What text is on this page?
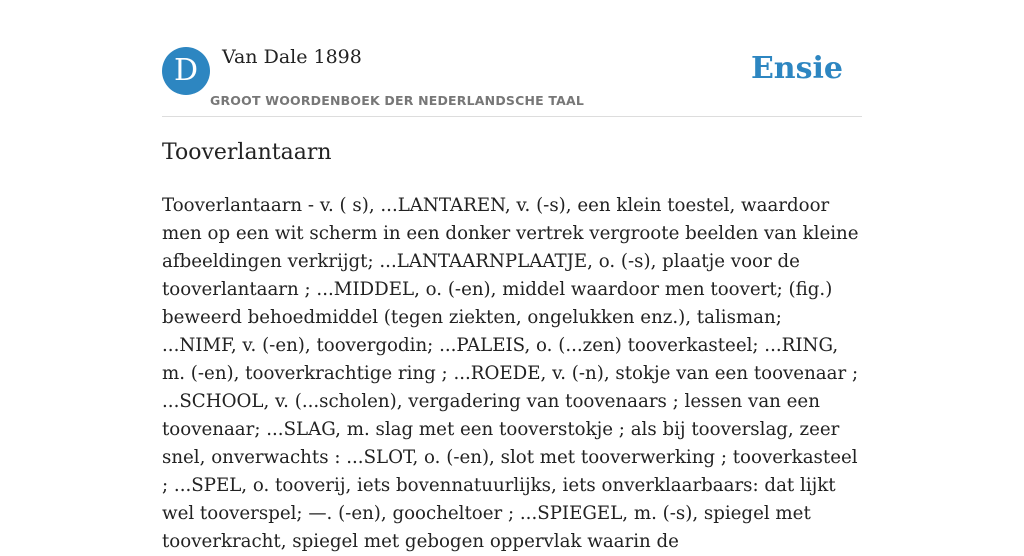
D	Van Dale 1898
GROOT WOORDENBOEK DER NEDERLANDSCHE TAAL
Ensie
Tooverlantaarn

Tooverlantaarn - v. ( s), ...LANTAREN, v. (-s), een klein toestel, waardoor men op een wit scherm in een donker vertrek vergroote beelden van kleine afbeeldingen verkrijgt; ...LANTAARNPLAATJE, o. (-s), plaatje voor de tooverlantaarn ; ...MIDDEL, o. (-en), middel waardoor men toovert; (fig.) beweerd behoedmiddel (tegen ziekten, ongelukken enz.), talisman; ...NIMF, v. (-en), toovergodin; ...PALEIS, o. (...zen) tooverkasteel; ...RING, m. (-en), tooverkrachtige ring ; ...ROEDE, v. (-n), stokje van een toovenaar ; ...SCHOOL, v. (...scholen), vergadering van toovenaars ; lessen van een toovenaar; ...SLAG, m. slag met een tooverstokje ; als bij tooverslag, zeer snel, onverwachts : ...SLOT, o. (-en), slot met tooverwerking ; tooverkasteel ; ...SPEL, o. tooverij, iets bovennatuurlijks, iets onverklaarbaars: dat lijkt wel tooverspel; —. (-en), goocheltoer ; ...SPIEGEL, m. (-s), spiegel met tooverkracht, spiegel met gebogen oppervlak waarin de
